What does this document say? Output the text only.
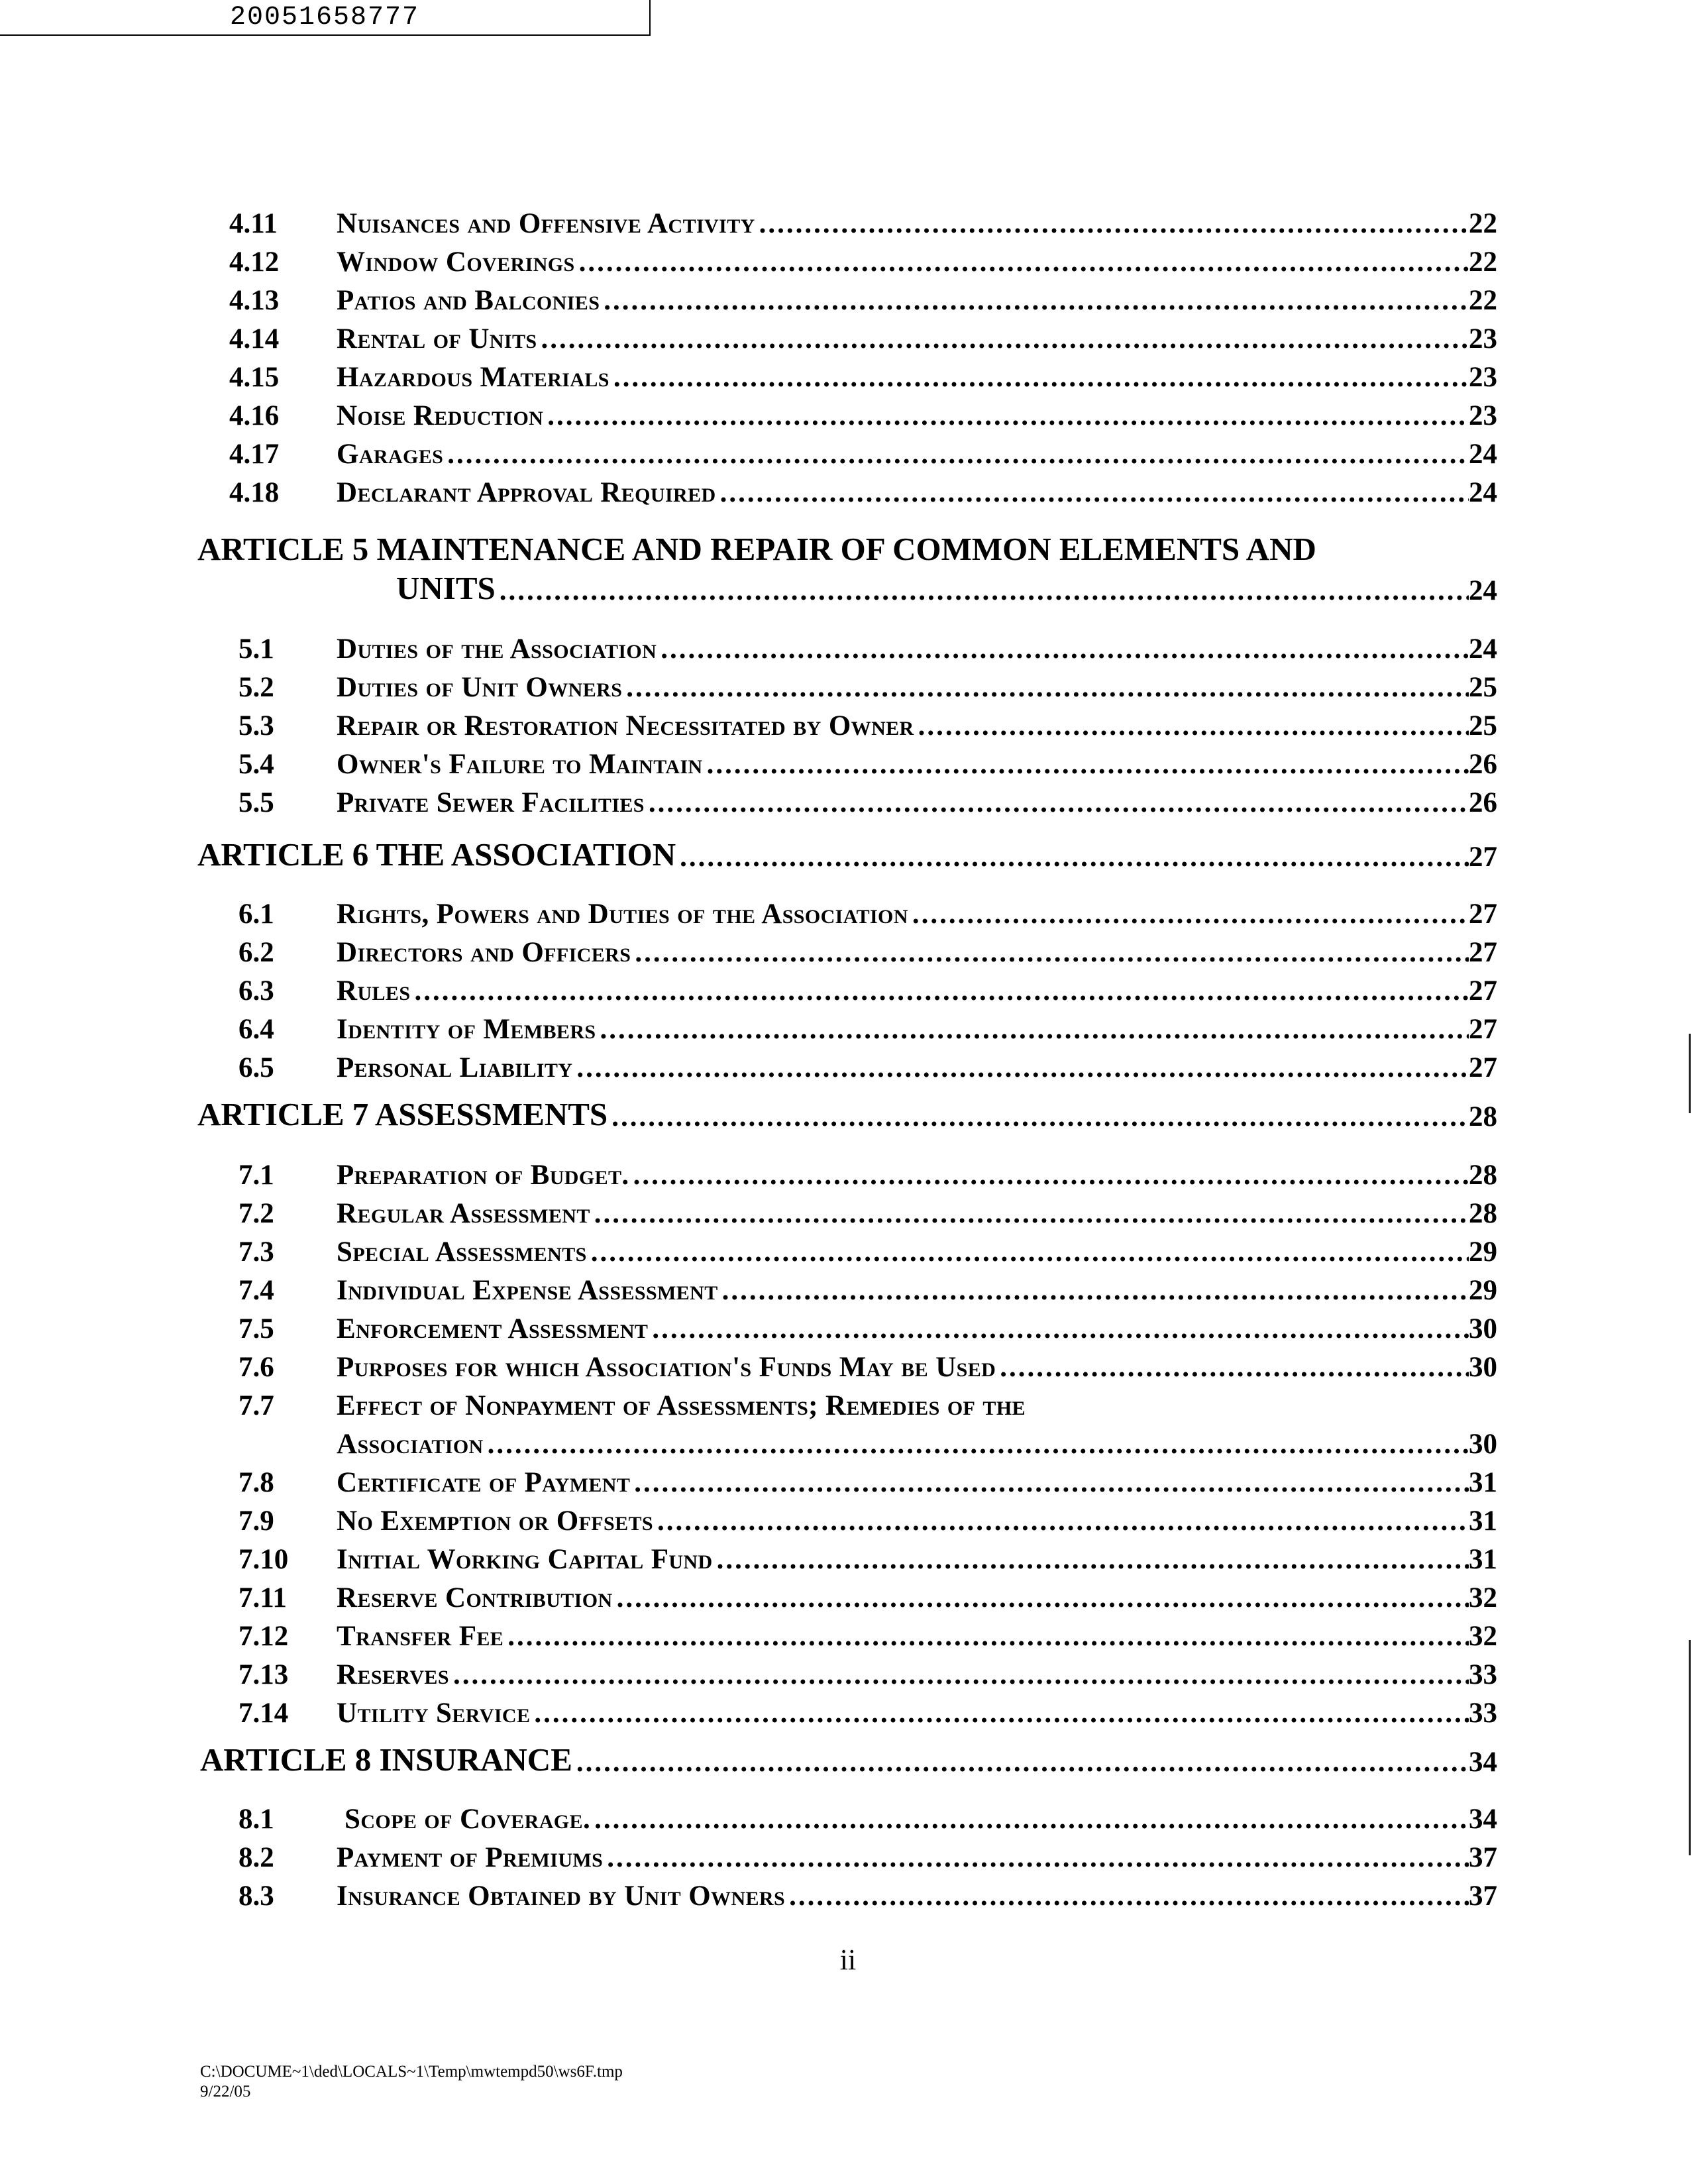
20051658777
4.11	Nuisances and Offensive Activity .....	22
4.12	Window Coverings .....	22
4.13	Patios and Balconies .....	22
4.14	Rental of Units .....	23
4.15	Hazardous Materials .....	23
4.16	Noise Reduction .....	23
4.17	Garages .....	24
4.18	Declarant Approval Required .....	24
ARTICLE 5 MAINTENANCE AND REPAIR OF COMMON ELEMENTS AND
UNITS .....	24
5.1	Duties of the Association .....	24
5.2	Duties of Unit Owners .....	25
5.3	Repair or Restoration Necessitated by Owner .....	25
5.4	Owner's Failure to Maintain .....	26
5.5	Private Sewer Facilities .....	26
ARTICLE 6 THE ASSOCIATION .....	27
6.1	Rights, Powers and Duties of the Association .....	27
6.2	Directors and Officers .....	27
6.3	Rules .....	27
6.4	Identity of Members .....	27
6.5	Personal Liability .....	27
ARTICLE 7 ASSESSMENTS .....	28
7.1	Preparation of Budget. .....	28
7.2	Regular Assessment .....	28
7.3	Special Assessments .....	29
7.4	Individual Expense Assessment .....	29
7.5	Enforcement Assessment .....	30
7.6	Purposes for which Association's Funds May be Used .....	30
7.7	Effect of Nonpayment of Assessments; Remedies of the
Association .....	30
7.8	Certificate of Payment .....	31
7.9	No Exemption or Offsets .....	31
7.10	Initial Working Capital Fund .....	31
7.11	Reserve Contribution .....	32
7.12	Transfer Fee .....	32
7.13	Reserves .....	33
7.14	Utility Service .....	33
ARTICLE 8 INSURANCE .....	34
8.1	Scope of Coverage. .....	34
8.2	Payment of Premiums .....	37
8.3	Insurance Obtained by Unit Owners .....	37
ii
C:\DOCUME~1\ded\LOCALS~1\Temp\mwtempd50\ws6F.tmp
9/22/05
